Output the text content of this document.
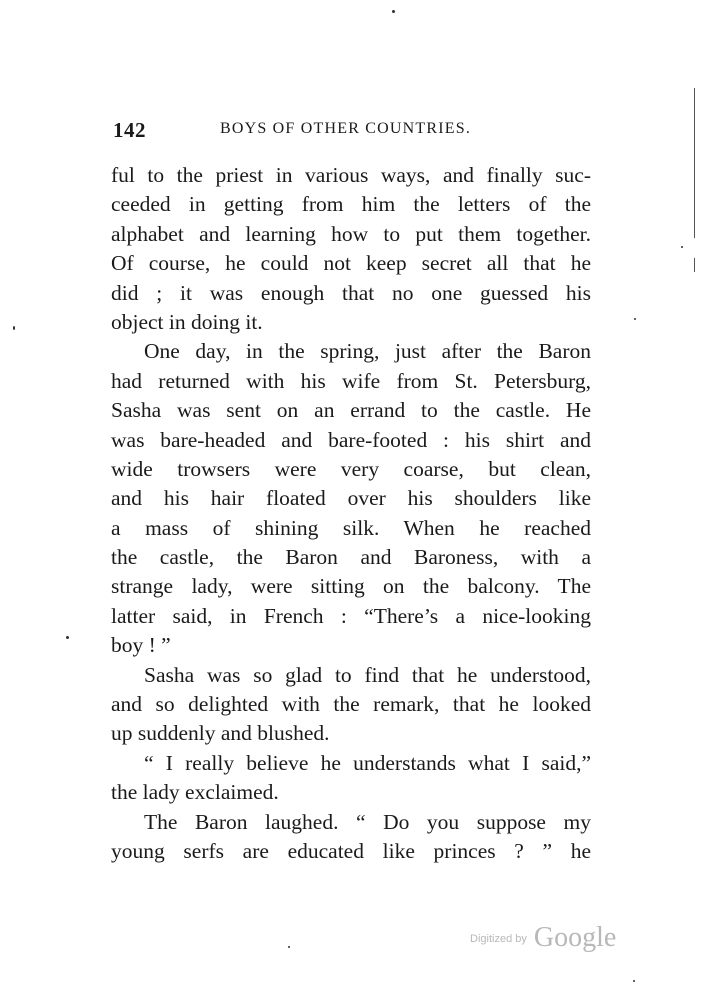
142	BOYS OF OTHER COUNTRIES.
ful to the priest in various ways, and finally suc-
ceeded in getting from him the letters of the
alphabet and learning how to put them together.
Of course, he could not keep secret all that he
did ; it was enough that no one guessed his
object in doing it.
One day, in the spring, just after the Baron
had returned with his wife from St. Petersburg,
Sasha was sent on an errand to the castle. He
was bare-headed and bare-footed : his shirt and
wide trowsers were very coarse, but clean,
and his hair floated over his shoulders like
a mass of shining silk. When he reached
the castle, the Baron and Baroness, with a
strange lady, were sitting on the balcony. The
latter said, in French : “There’s a nice-looking
boy ! ”
Sasha was so glad to find that he understood,
and so delighted with the remark, that he looked
up suddenly and blushed.
“ I really believe he understands what I said,”
the lady exclaimed.
The Baron laughed. “ Do you suppose my
young serfs are educated like princes ? ” he
$^{Digitized by}$ Google
